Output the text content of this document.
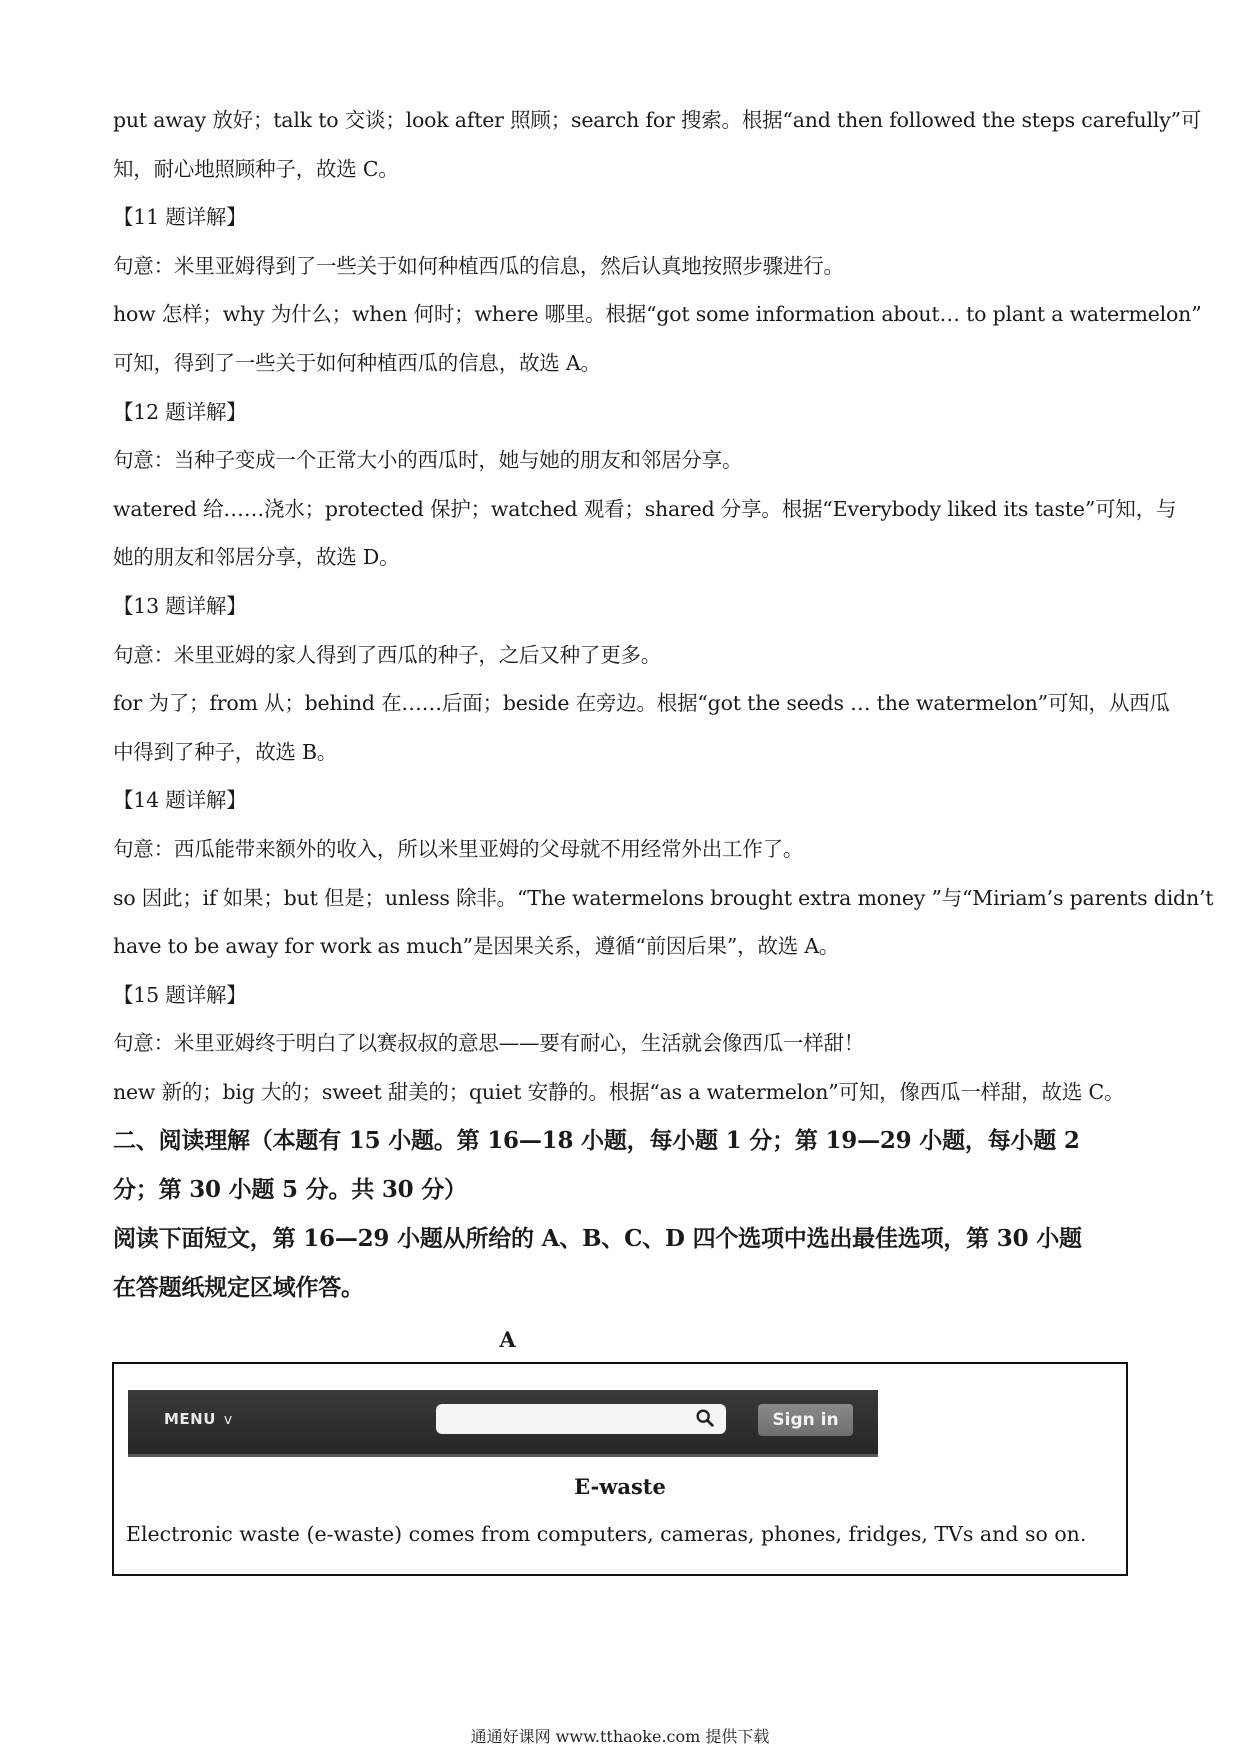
put away 放好；talk to 交谈；look after 照顾；search for 搜索。根据“and then followed the steps carefully”可
知，耐心地照顾种子，故选 C。
【11 题详解】
句意：米里亚姆得到了一些关于如何种植西瓜的信息，然后认真地按照步骤进行。
how 怎样；why 为什么；when 何时；where 哪里。根据“got some information about… to plant a watermelon”
可知，得到了一些关于如何种植西瓜的信息，故选 A。
【12 题详解】
句意：当种子变成一个正常大小的西瓜时，她与她的朋友和邻居分享。
watered 给……浇水；protected 保护；watched 观看；shared 分享。根据“Everybody liked its taste”可知，与
她的朋友和邻居分享，故选 D。
【13 题详解】
句意：米里亚姆的家人得到了西瓜的种子，之后又种了更多。
for 为了；from 从；behind 在……后面；beside 在旁边。根据“got the seeds … the watermelon”可知，从西瓜
中得到了种子，故选 B。
【14 题详解】
句意：西瓜能带来额外的收入，所以米里亚姆的父母就不用经常外出工作了。
so 因此；if 如果；but 但是；unless 除非。“The watermelons brought extra money ”与“Miriam’s parents didn’t
have to be away for work as much”是因果关系，遵循“前因后果”，故选 A。
【15 题详解】
句意：米里亚姆终于明白了以赛叔叔的意思——要有耐心，生活就会像西瓜一样甜！
new 新的；big 大的；sweet 甜美的；quiet 安静的。根据“as a watermelon”可知，像西瓜一样甜，故选 C。
二、阅读理解（本题有 15 小题。第 16—18 小题，每小题 1 分；第 19—29 小题，每小题 2
分；第 30 小题 5 分。共 30 分）
阅读下面短文，第 16—29 小题从所给的 A、B、C、D 四个选项中选出最佳选项，第 30 小题
在答题纸规定区域作答。
A
MENU v	Sign in
E-waste
Electronic waste (e-waste) comes from computers, cameras, phones, fridges, TVs and so on.
通通好课网 www.tthaoke.com 提供下载
